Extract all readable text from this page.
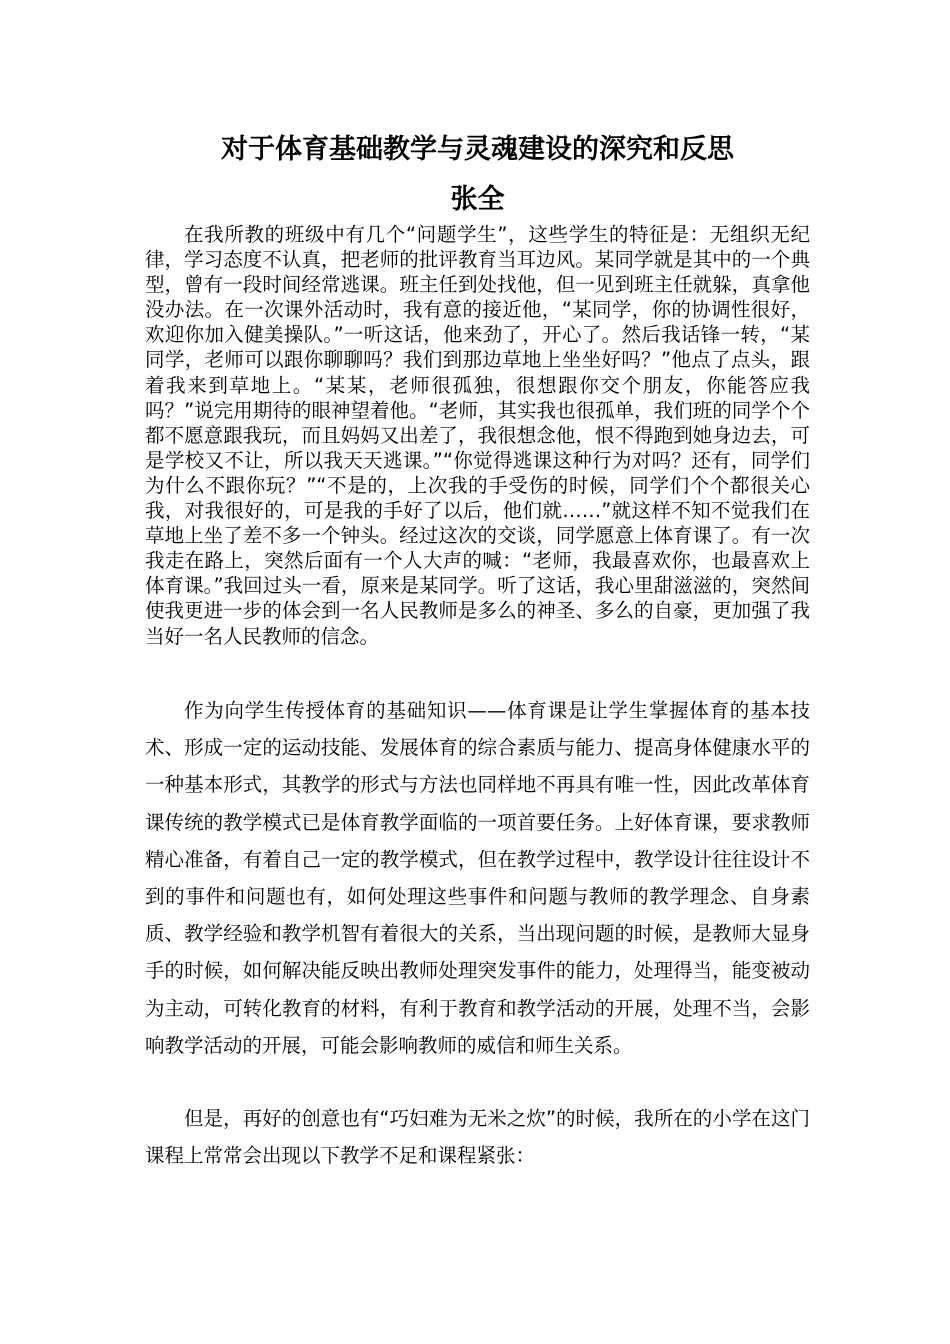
对于体育基础教学与灵魂建设的深究和反思
张全

在我所教的班级中有几个“问题学生”，这些学生的特征是：无组织无纪律，学习态度不认真，把老师的批评教育当耳边风。某同学就是其中的一个典型，曾有一段时间经常逃课。班主任到处找他，但一见到班主任就躲，真拿他没办法。在一次课外活动时，我有意的接近他，“某同学，你的协调性很好，欢迎你加入健美操队。”一听这话，他来劲了，开心了。然后我话锋一转，“某同学，老师可以跟你聊聊吗？我们到那边草地上坐坐好吗？”他点了点头，跟着我来到草地上。“某某，老师很孤独，很想跟你交个朋友，你能答应我吗？”说完用期待的眼神望着他。“老师，其实我也很孤单，我们班的同学个个都不愿意跟我玩，而且妈妈又出差了，我很想念他，恨不得跑到她身边去，可是学校又不让，所以我天天逃课。”“你觉得逃课这种行为对吗？还有，同学们为什么不跟你玩？”“不是的，上次我的手受伤的时候，同学们个个都很关心我，对我很好的，可是我的手好了以后，他们就……”就这样不知不觉我们在草地上坐了差不多一个钟头。经过这次的交谈，同学愿意上体育课了。有一次我走在路上，突然后面有一个人大声的喊：“老师，我最喜欢你，也最喜欢上体育课。”我回过头一看，原来是某同学。听了这话，我心里甜滋滋的，突然间使我更进一步的体会到一名人民教师是多么的神圣、多么的自豪，更加强了我当好一名人民教师的信念。

作为向学生传授体育的基础知识——体育课是让学生掌握体育的基本技术、形成一定的运动技能、发展体育的综合素质与能力、提高身体健康水平的一种基本形式，其教学的形式与方法也同样地不再具有唯一性，因此改革体育课传统的教学模式已是体育教学面临的一项首要任务。上好体育课，要求教师精心准备，有着自己一定的教学模式，但在教学过程中，教学设计往往设计不到的事件和问题也有，如何处理这些事件和问题与教师的教学理念、自身素质、教学经验和教学机智有着很大的关系，当出现问题的时候，是教师大显身手的时候，如何解决能反映出教师处理突发事件的能力，处理得当，能变被动为主动，可转化教育的材料，有利于教育和教学活动的开展，处理不当，会影响教学活动的开展，可能会影响教师的威信和师生关系。

但是，再好的创意也有“巧妇难为无米之炊”的时候，我所在的小学在这门课程上常常会出现以下教学不足和课程紧张：
